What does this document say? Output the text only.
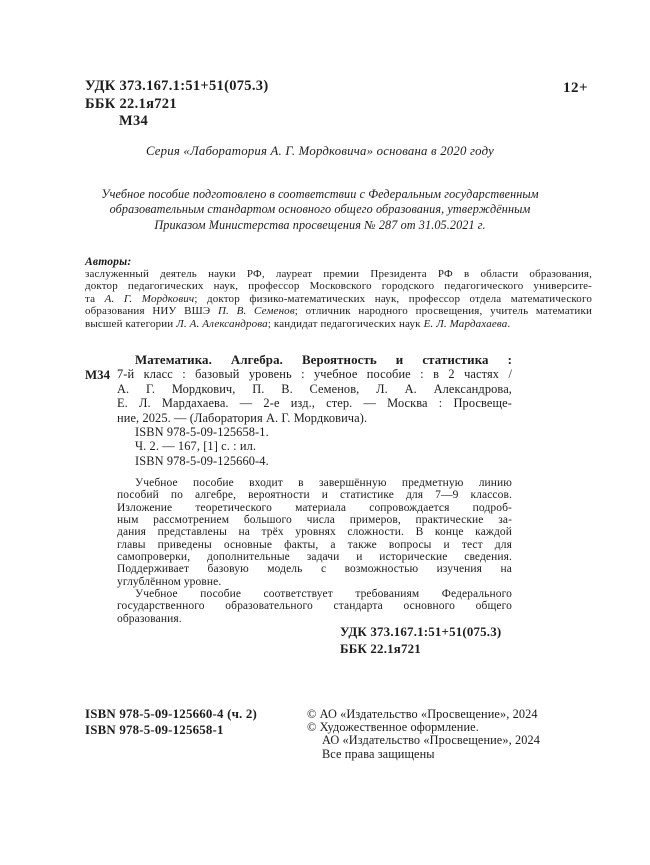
УДК 373.167.1:51+51(075.3)
ББК 22.1я721
М34
12+
Серия «Лаборатория А. Г. Мордковича» основана в 2020 году
Учебное пособие подготовлено в соответствии с Федеральным государственным
образовательным стандартом основного общего образования, утверждённым
Приказом Министерства просвещения № 287 от 31.05.2021 г.
Авторы:
заслуженный деятель науки РФ, лауреат премии Президента РФ в области образования,
доктор педагогических наук, профессор Московского городского педагогического университе-
та А. Г. Мордкович; доктор физико-математических наук, профессор отдела математического
образования НИУ ВШЭ П. В. Семенов; отличник народного просвещения, учитель математики
высшей категории Л. А. Александрова; кандидат педагогических наук Е. Л. Мардахаева.
М34
Математика. Алгебра. Вероятность и статистика :
7-й класс : базовый уровень : учебное пособие : в 2 частях /
А. Г. Мордкович, П. В. Семенов, Л. А. Александрова,
Е. Л. Мардахаева. — 2-е изд., стер. — Москва : Просвеще-
ние, 2025. — (Лаборатория А. Г. Мордковича).
ISBN 978-5-09-125658-1.
Ч. 2. — 167, [1] с. : ил.
ISBN 978-5-09-125660-4.
Учебное пособие входит в завершённую предметную линию
пособий по алгебре, вероятности и статистике для 7—9 классов.
Изложение теоретического материала сопровождается подроб-
ным рассмотрением большого числа примеров, практические за-
дания представлены на трёх уровнях сложности. В конце каждой
главы приведены основные факты, а также вопросы и тест для
самопроверки, дополнительные задачи и исторические сведения.
Поддерживает базовую модель с возможностью изучения на
углублённом уровне.
Учебное пособие соответствует требованиям Федерального
государственного образовательного стандарта основного общего
образования.
УДК 373.167.1:51+51(075.3)
ББК 22.1я721
ISBN 978-5-09-125660-4 (ч. 2)
ISBN 978-5-09-125658-1
© АО «Издательство «Просвещение», 2024
© Художественное оформление.
АО «Издательство «Просвещение», 2024
Все права защищены
